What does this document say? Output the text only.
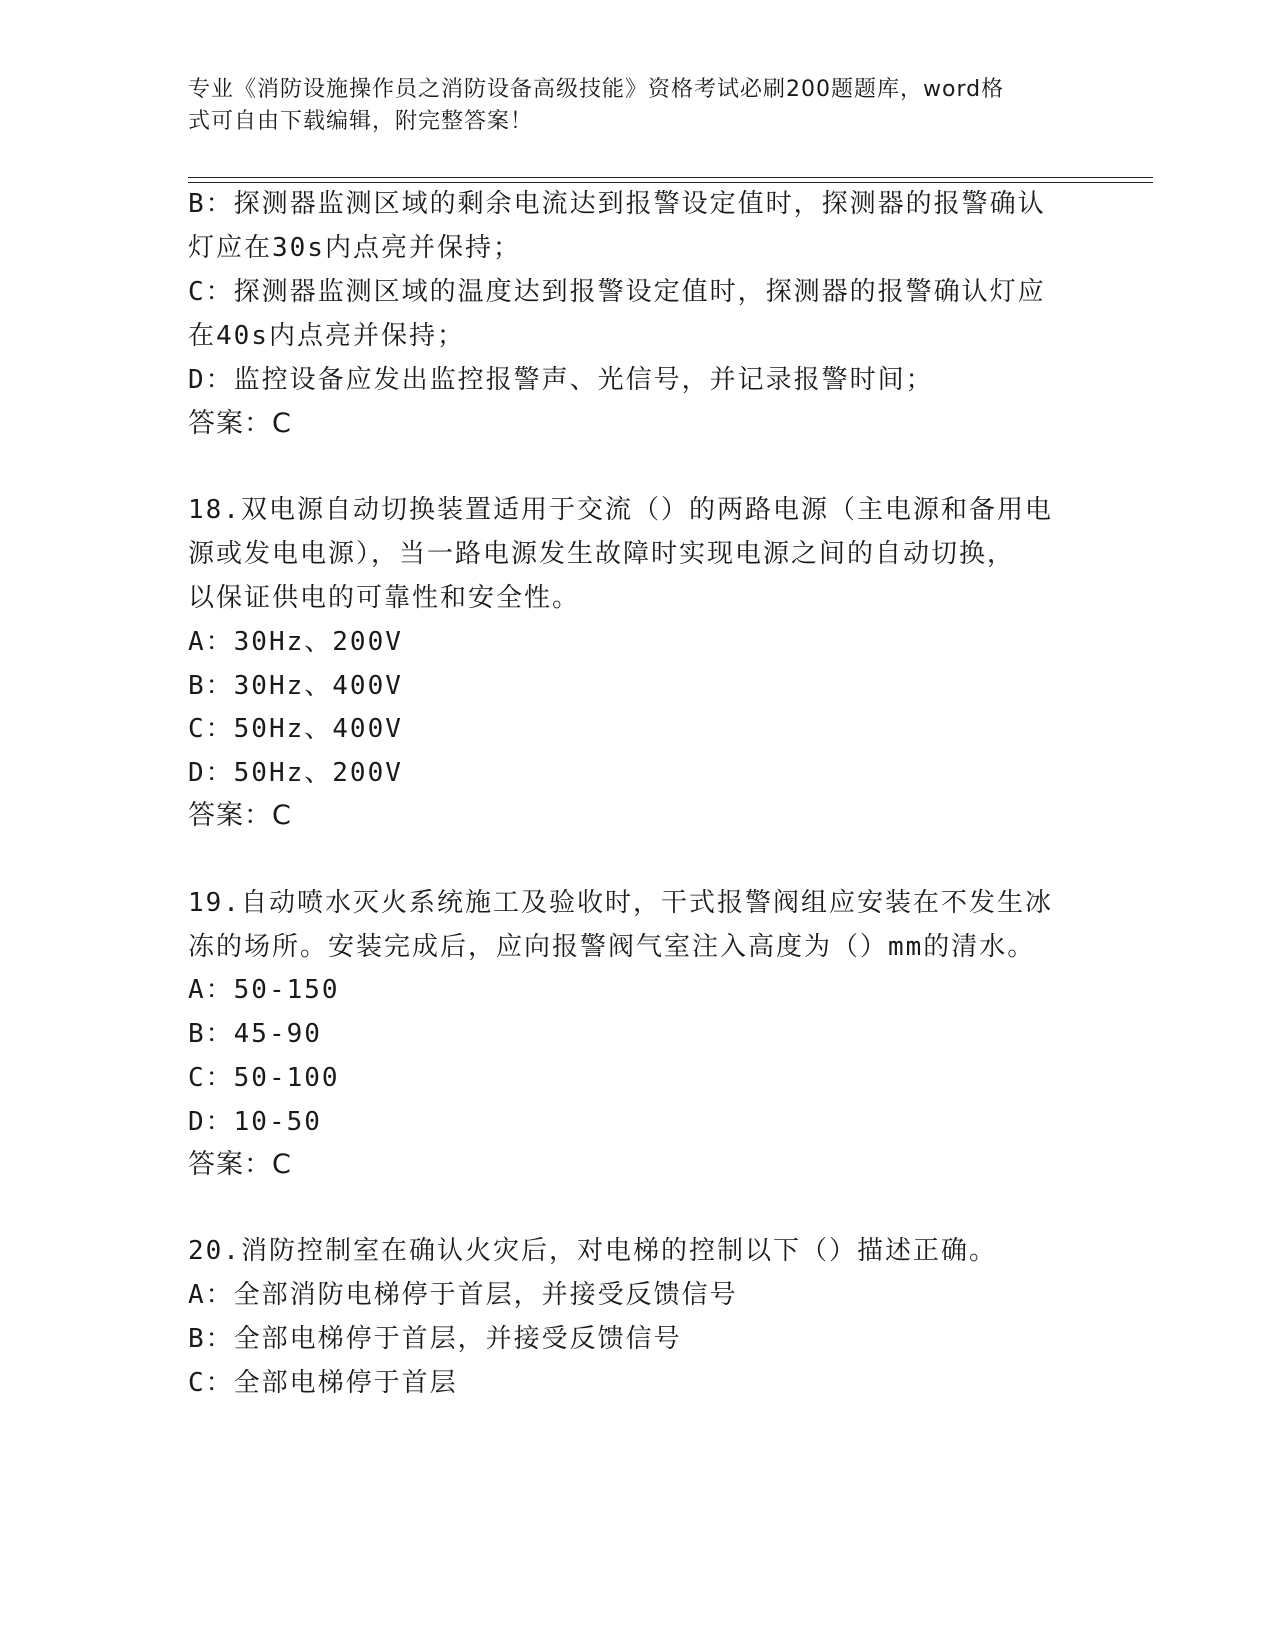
专业《消防设施操作员之消防设备高级技能》资格考试必刷200题题库，word格
式可自由下载编辑，附完整答案！
B：探测器监测区域的剩余电流达到报警设定值时，探测器的报警确认
灯应在30s内点亮并保持；
C：探测器监测区域的温度达到报警设定值时，探测器的报警确认灯应
在40s内点亮并保持；
D：监控设备应发出监控报警声、光信号，并记录报警时间；
答案：C
18.双电源自动切换装置适用于交流（）的两路电源（主电源和备用电
源或发电电源），当一路电源发生故障时实现电源之间的自动切换，
以保证供电的可靠性和安全性。
A：30Hz、200V
B：30Hz、400V
C：50Hz、400V
D：50Hz、200V
答案：C
19.自动喷水灭火系统施工及验收时，干式报警阀组应安装在不发生冰
冻的场所。安装完成后，应向报警阀气室注入高度为（）mm的清水。
A：50-150
B：45-90
C：50-100
D：10-50
答案：C
20.消防控制室在确认火灾后，对电梯的控制以下（）描述正确。
A：全部消防电梯停于首层，并接受反馈信号
B：全部电梯停于首层，并接受反馈信号
C：全部电梯停于首层
